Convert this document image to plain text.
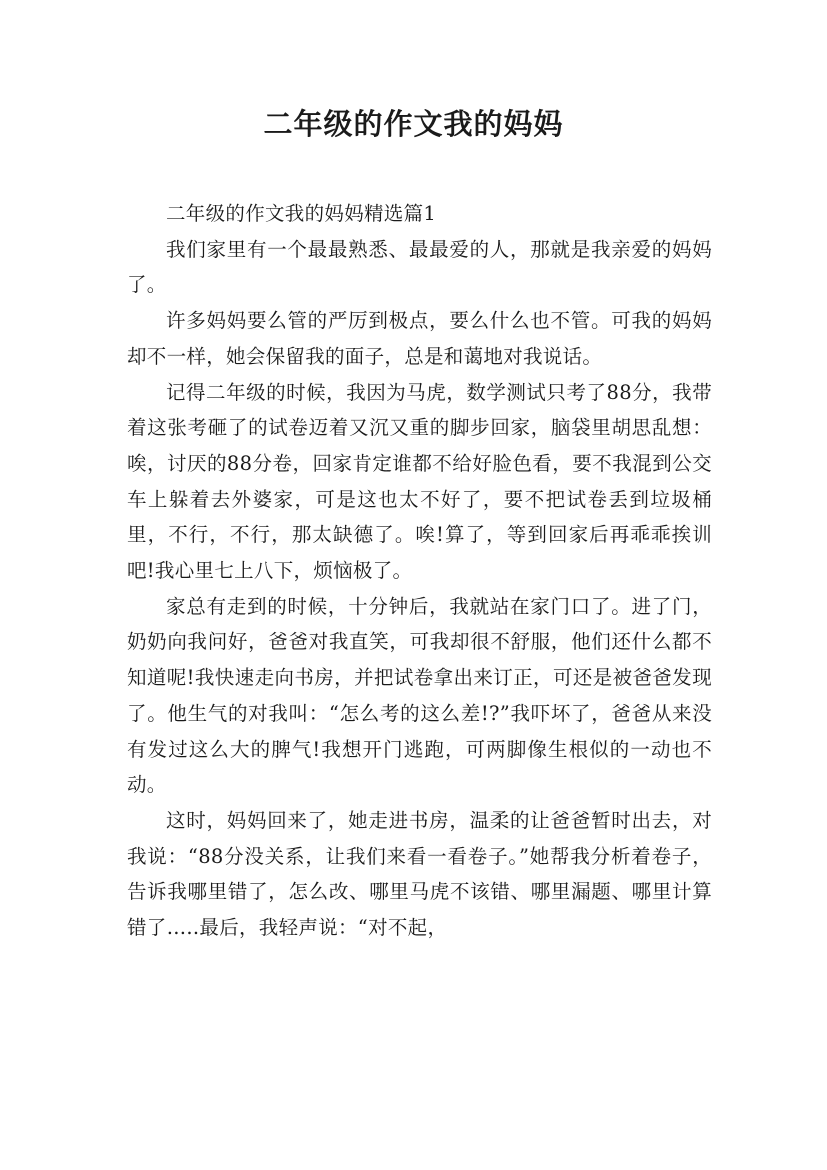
二年级的作文我的妈妈

二年级的作文我的妈妈精选篇1

我们家里有一个最最熟悉、最最爱的人，那就是我亲爱的妈妈了。

许多妈妈要么管的严厉到极点，要么什么也不管。可我的妈妈却不一样，她会保留我的面子，总是和蔼地对我说话。

记得二年级的时候，我因为马虎，数学测试只考了88分，我带着这张考砸了的试卷迈着又沉又重的脚步回家，脑袋里胡思乱想：唉，讨厌的88分卷，回家肯定谁都不给好脸色看，要不我混到公交车上躲着去外婆家，可是这也太不好了，要不把试卷丢到垃圾桶里，不行，不行，那太缺德了。唉!算了，等到回家后再乖乖挨训吧!我心里七上八下，烦恼极了。

家总有走到的时候，十分钟后，我就站在家门口了。进了门，奶奶向我问好，爸爸对我直笑，可我却很不舒服，他们还什么都不知道呢!我快速走向书房，并把试卷拿出来订正，可还是被爸爸发现了。他生气的对我叫：“怎么考的这么差!?”我吓坏了，爸爸从来没有发过这么大的脾气!我想开门逃跑，可两脚像生根似的一动也不动。

这时，妈妈回来了，她走进书房，温柔的让爸爸暂时出去，对我说：“88分没关系，让我们来看一看卷子。”她帮我分析着卷子，告诉我哪里错了，怎么改、哪里马虎不该错、哪里漏题、哪里计算错了…..最后，我轻声说：“对不起，
